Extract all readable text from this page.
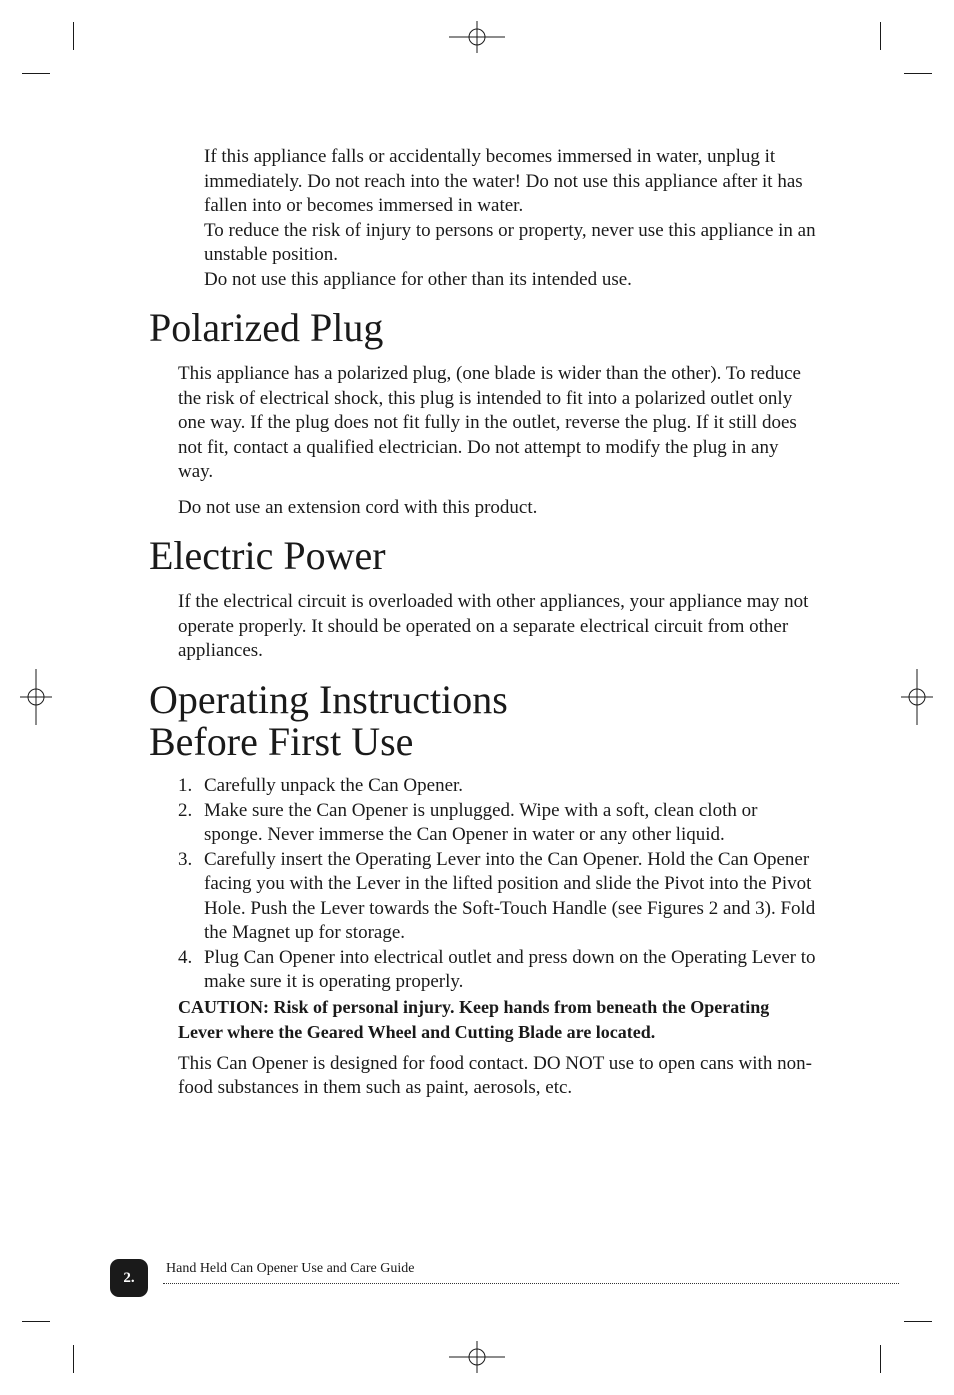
If this appliance falls or accidentally becomes immersed in water, unplug it immediately. Do not reach into the water! Do not use this appliance after it has fallen into or becomes immersed in water.

To reduce the risk of injury to persons or property, never use this appliance in an unstable position.

Do not use this appliance for other than its intended use.

Polarized Plug

This appliance has a polarized plug, (one blade is wider than the other). To reduce the risk of electrical shock, this plug is intended to fit into a polarized outlet only one way. If the plug does not fit fully in the outlet, reverse the plug. If it still does not fit, contact a qualified electrician. Do not attempt to modify the plug in any way.

Do not use an extension cord with this product.

Electric Power

If the electrical circuit is overloaded with other appliances, your appliance may not operate properly. It should be operated on a separate electrical circuit from other appliances.

Operating Instructions
Before First Use
1. Carefully unpack the Can Opener.
2. Make sure the Can Opener is unplugged. Wipe with a soft, clean cloth or sponge. Never immerse the Can Opener in water or any other liquid.
3. Carefully insert the Operating Lever into the Can Opener. Hold the Can Opener facing you with the Lever in the lifted position and slide the Pivot into the Pivot Hole. Push the Lever towards the Soft-Touch Handle (see Figures 2 and 3). Fold the Magnet up for storage.
4. Plug Can Opener into electrical outlet and press down on the Operating Lever to make sure it is operating properly.

CAUTION: Risk of personal injury. Keep hands from beneath the Operating Lever where the Geared Wheel and Cutting Blade are located.

This Can Opener is designed for food contact. DO NOT use to open cans with non-food substances in them such as paint, aerosols, etc.

2.
Hand Held Can Opener Use and Care Guide
